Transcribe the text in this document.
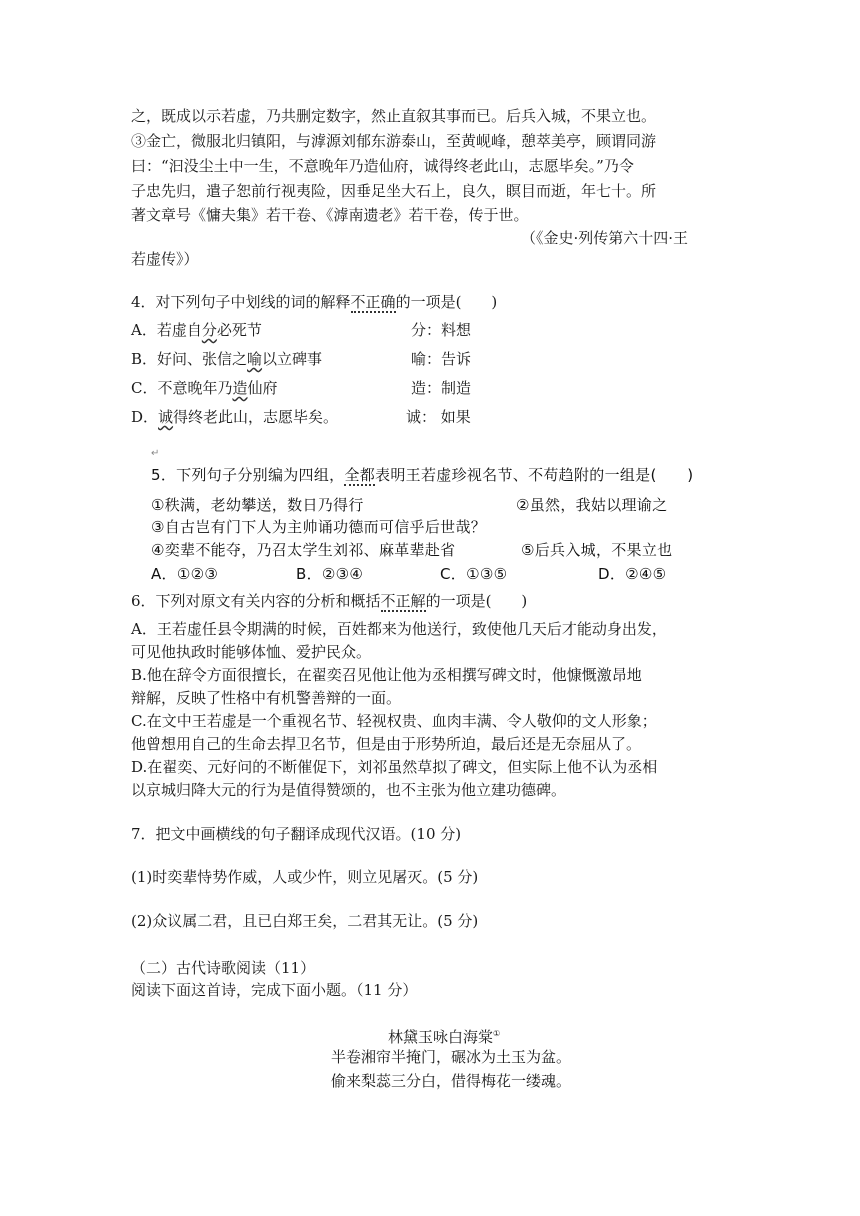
之，既成以示若虚，乃共删定数字，然止直叙其事而已。后兵入城，不果立也。
③金亡，微服北归镇阳，与滹源刘郁东游泰山，至黄岘峰，憩萃美亭，顾谓同游
曰：“汩没尘土中一生，不意晚年乃造仙府，诚得终老此山，志愿毕矣。”乃令
子忠先归，遣子恕前行视夷险，因垂足坐大石上，良久，瞑目而逝，年七十。所
著文章号《慵夫集》若干卷、《滹南遗老》若干卷，传于世。
（《金史·列传第六十四·王
若虚传》）
4．对下列句子中划线的词的解释不正确的一项是(　　)
A．若虚自分必死节	分：料想
B．好问、张信之喻以立碑事	喻：告诉
C．不意晚年乃造仙府	造：制造
D．诚得终老此山，志愿毕矣。	诚： 如果
↵
5．下列句子分别编为四组，全都表明王若虚珍视名节、不苟趋附的一组是(　　)
①秩满，老幼攀送，数日乃得行	②虽然，我姑以理谕之
③自古岂有门下人为主帅诵功德而可信乎后世哉？
④奕辈不能夺，乃召太学生刘祁、麻革辈赴省	⑤后兵入城，不果立也
A．①②③	B．②③④	C．①③⑤	D．②④⑤
6．下列对原文有关内容的分析和概括不正解的一项是(　　)
A．王若虚任县令期满的时候，百姓都来为他送行，致使他几天后才能动身出发，
可见他执政时能够体恤、爱护民众。
B.他在辞令方面很擅长，在翟奕召见他让他为丞相撰写碑文时，他慷慨激昂地
辩解，反映了性格中有机警善辩的一面。
C.在文中王若虚是一个重视名节、轻视权贵、血肉丰满、令人敬仰的文人形象；
他曾想用自己的生命去捍卫名节，但是由于形势所迫，最后还是无奈屈从了。
D.在翟奕、元好问的不断催促下，刘祁虽然草拟了碑文，但实际上他不认为丞相
以京城归降大元的行为是值得赞颂的，也不主张为他立建功德碑。
7．把文中画横线的句子翻译成现代汉语。(10 分)
(1)时奕辈恃势作威，人或少忤，则立见屠灭。(5 分)
(2)众议属二君，且已白郑王矣，二君其无让。(5 分)
（二）古代诗歌阅读（11）
阅读下面这首诗，完成下面小题。（11 分）
林黛玉咏白海棠①
半卷湘帘半掩门，碾冰为土玉为盆。
偷来梨蕊三分白，借得梅花一缕魂。
